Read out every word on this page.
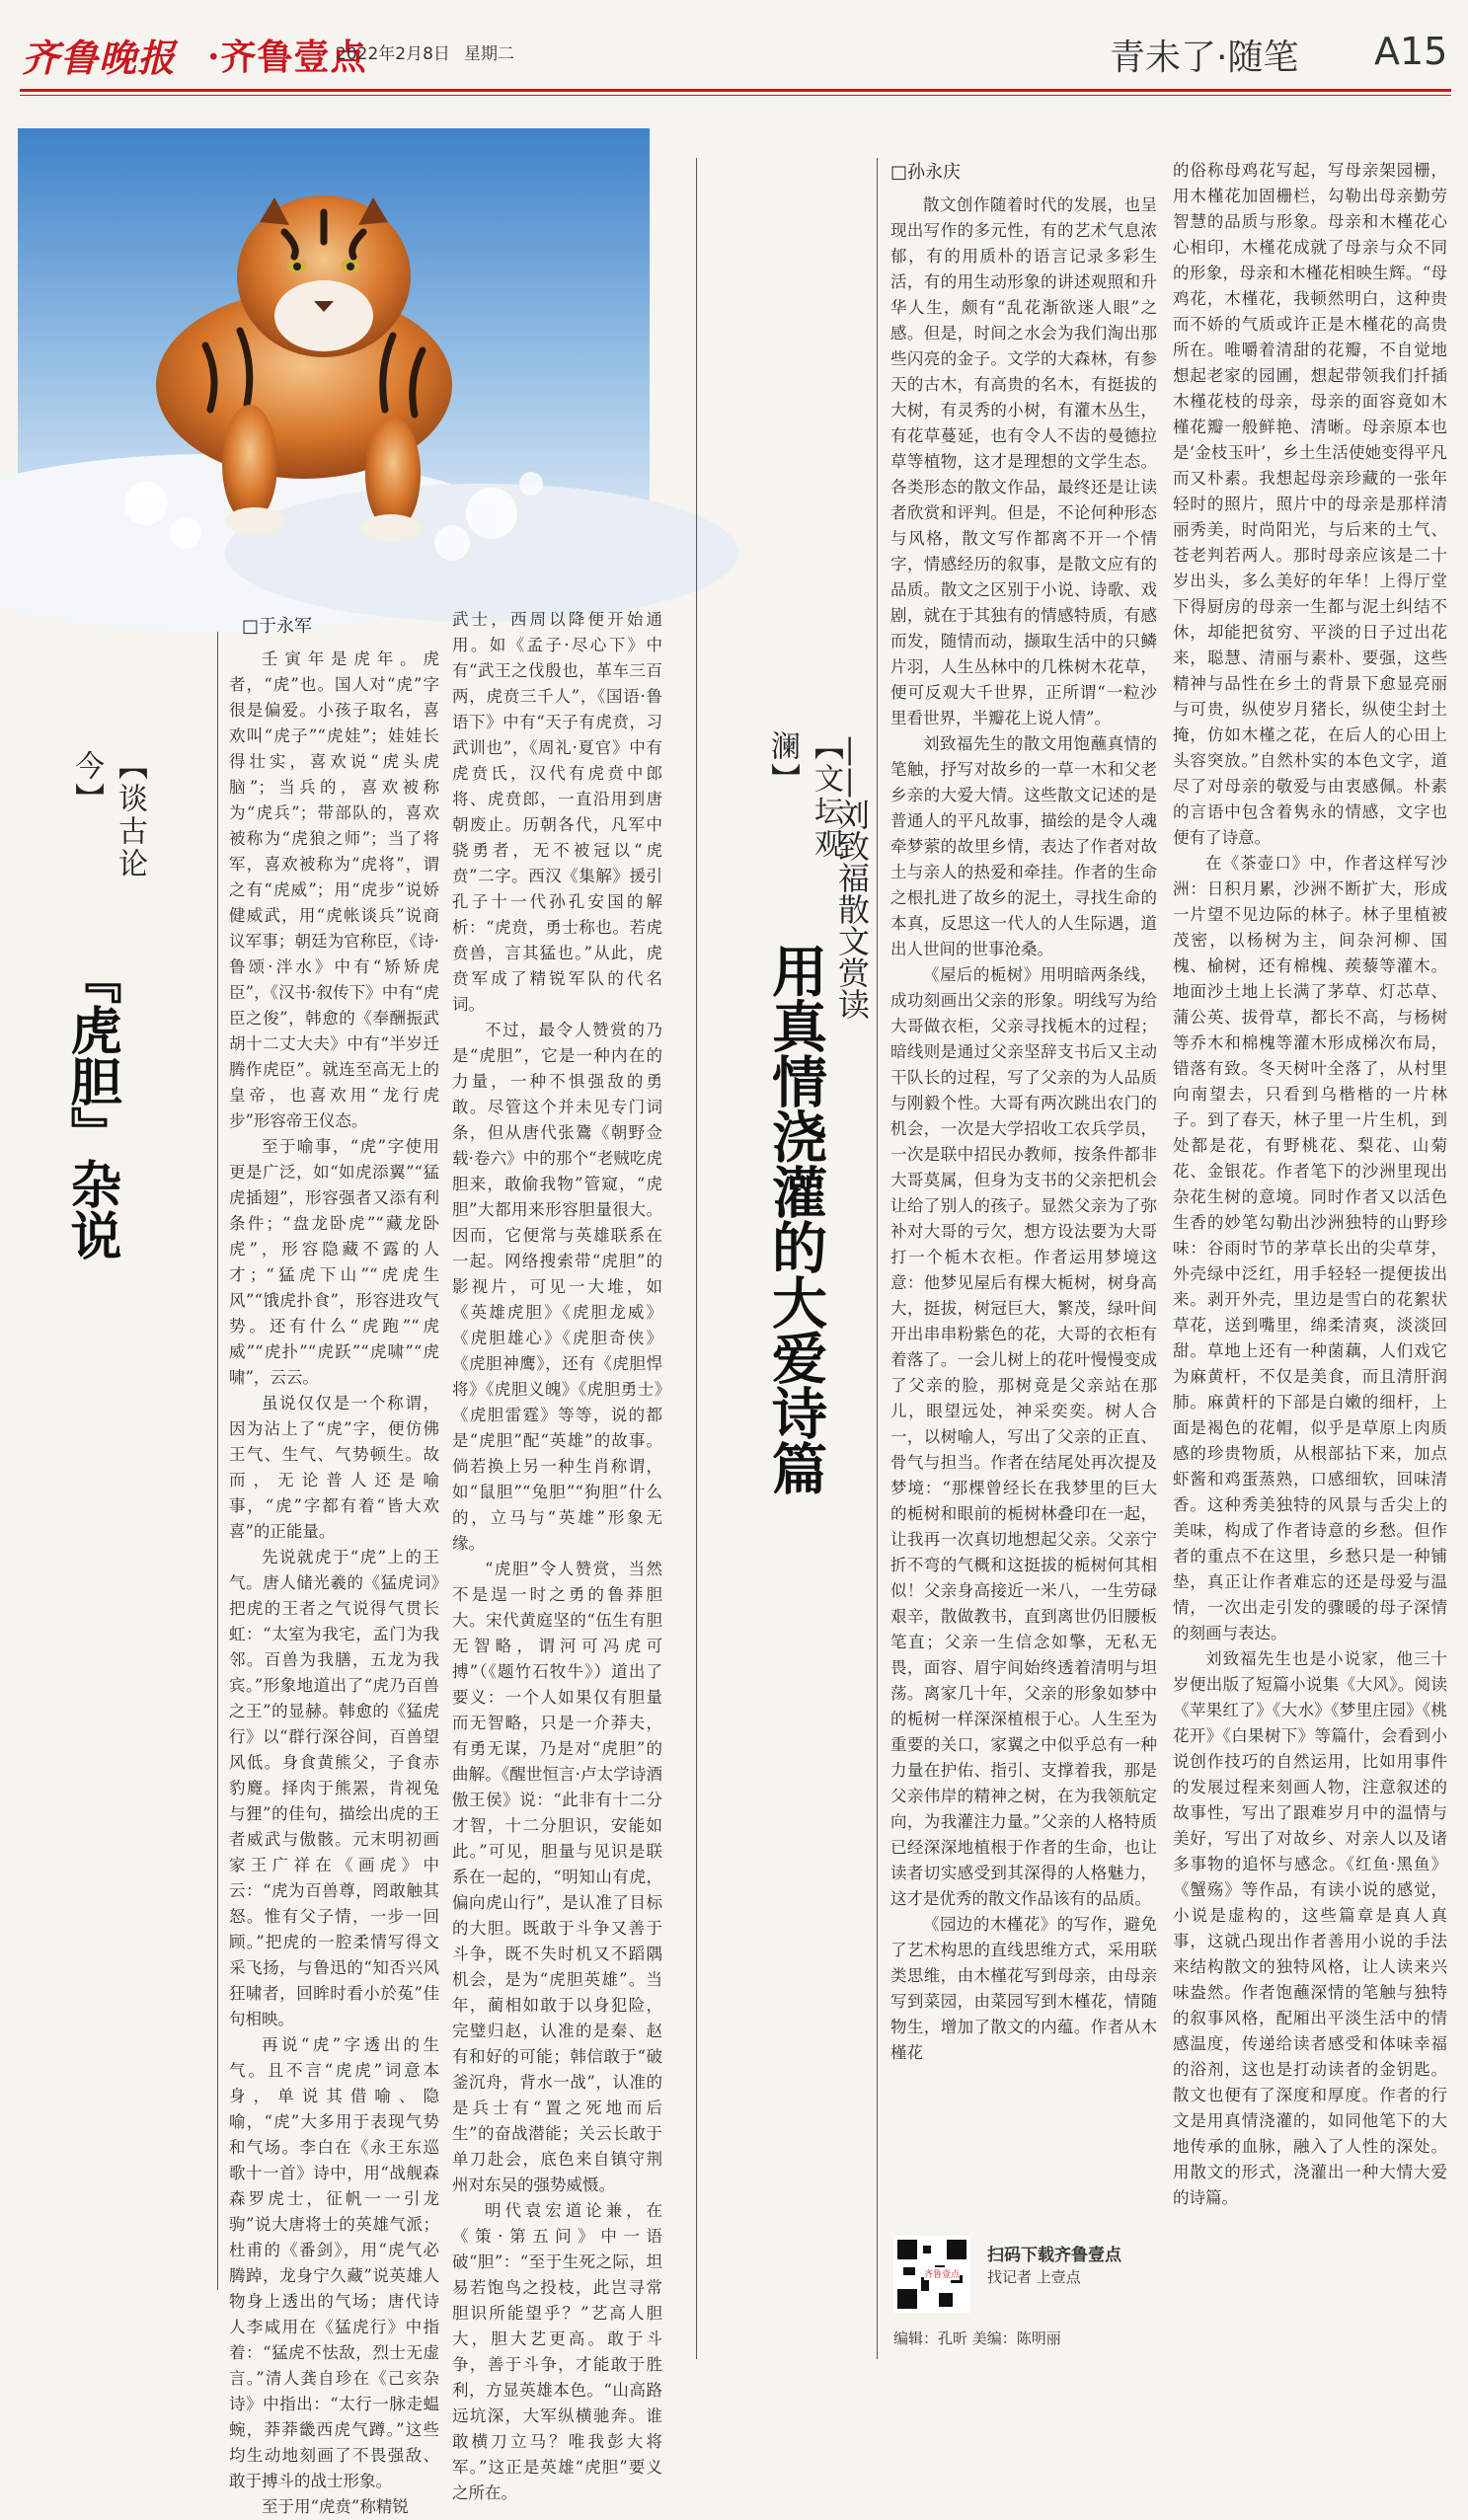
齐鲁晚报 ·齐鲁壹点
2022年2月8日 星期二	青未了·随笔 A15
【谈古论今】
『虎胆』杂说
□于永军

壬寅年是虎年。虎者，“虎”也。国人对“虎”字很是偏爱。小孩子取名，喜欢叫“虎子”“虎娃”；娃娃长得壮实，喜欢说“虎头虎脑”；当兵的，喜欢被称为“虎兵”；带部队的，喜欢被称为“虎狼之师”；当了将军，喜欢被称为“虎将”，谓之有“虎威”；用“虎步”说娇健威武，用“虎帐谈兵”说商议军事；朝廷为官称臣，《诗·鲁颂·泮水》中有“矫矫虎臣”，《汉书·叙传下》中有“虎臣之俊”，韩愈的《奉酬振武胡十二丈大夫》中有“半岁迁腾作虎臣”。就连至高无上的皇帝，也喜欢用“龙行虎步”形容帝王仪态。

至于喻事，“虎”字使用更是广泛，如“如虎添翼”“猛虎插翅”，形容强者又添有利条件；“盘龙卧虎”“藏龙卧虎”，形容隐藏不露的人才；“猛虎下山”“虎虎生风”“饿虎扑食”，形容进攻气势。还有什么“虎跑”“虎威”“虎扑”“虎跃”“虎啸”“虎啸”，云云。

虽说仅仅是一个称谓，因为沾上了“虎”字，便仿佛王气、生气、气势顿生。故而，无论普人还是喻事，“虎”字都有着“皆大欢喜”的正能量。

先说就虎于“虎”上的王气。唐人储光羲的《猛虎词》把虎的王者之气说得气贯长虹：“太室为我宅，孟门为我邻。百兽为我膳，五龙为我宾。”形象地道出了“虎乃百兽之王”的显赫。韩愈的《猛虎行》以“群行深谷间，百兽望风低。身食黄熊父，子食赤豹麑。择肉于熊罴，肯视兔与狸”的佳句，描绘出虎的王者威武与傲骸。元末明初画家王广祥在《画虎》中云：“虎为百兽尊，罔敢触其怒。惟有父子情，一步一回顾。”把虎的一腔柔情写得文采飞扬，与鲁迅的“知否兴风狂啸者，回眸时看小於菟”佳句相映。

再说“虎”字透出的生气。且不言“虎虎”词意本身，单说其借喻、隐喻，“虎”大多用于表现气势和气场。李白在《永王东巡歌十一首》诗中，用“战舰森森罗虎士，征帆一一引龙驹”说大唐将士的英雄气派；杜甫的《番剑》，用“虎气必腾踔，龙身宁久藏”说英雄人物身上透出的气场；唐代诗人李咸用在《猛虎行》中指着：“猛虎不怯敌，烈士无虚言。”清人龚自珍在《己亥杂诗》中指出：“太行一脉走蝹蜿，莽莽畿西虎气蹲。”这些均生动地刻画了不畏强敌、敢于搏斗的战士形象。

至于用“虎贲”称精锐

武士，西周以降便开始通用。如《孟子·尽心下》中有“武王之伐殷也，革车三百两，虎贲三千人”，《国语·鲁语下》中有“天子有虎贲，习武训也”，《周礼·夏官》中有虎贲氏，汉代有虎贲中郎将、虎贲郎，一直沿用到唐朝废止。历朝各代，凡军中骁勇者，无不被冠以“虎贲”二字。西汉《集解》援引孔子十一代孙孔安国的解析：“虎贲，勇士称也。若虎贲兽，言其猛也。”从此，虎贲军成了精锐军队的代名词。

不过，最令人赞赏的乃是“虎胆”，它是一种内在的力量，一种不惧强敌的勇敢。尽管这个并未见专门词条，但从唐代张鷟《朝野佥载·卷六》中的那个“老贼吃虎胆来，敢偷我物”管窥，“虎胆”大都用来形容胆量很大。因而，它便常与英雄联系在一起。网络搜索带“虎胆”的影视片，可见一大堆，如《英雄虎胆》《虎胆龙威》《虎胆雄心》《虎胆奇侠》《虎胆神鹰》，还有《虎胆悍将》《虎胆义魄》《虎胆勇士》《虎胆雷霆》等等，说的都是“虎胆”配“英雄”的故事。倘若换上另一种生肖称谓，如“鼠胆”“兔胆”“狗胆”什么的，立马与“英雄”形象无缘。

“虎胆”令人赞赏，当然不是逞一时之勇的鲁莽胆大。宋代黄庭坚的“伍生有胆无智略，谓河可冯虎可搏”（《题竹石牧牛》）道出了要义：一个人如果仅有胆量而无智略，只是一介莽夫，有勇无谋，乃是对“虎胆”的曲解。《醒世恒言·卢太学诗酒傲王侯》说：“此非有十二分才智，十二分胆识，安能如此。”可见，胆量与见识是联系在一起的，“明知山有虎，偏向虎山行”，是认准了目标的大胆。既敢于斗争又善于斗争，既不失时机又不蹈隅机会，是为“虎胆英雄”。当年，蔺相如敢于以身犯险，完璧归赵，认准的是秦、赵有和好的可能；韩信敢于“破釜沉舟，背水一战”，认准的是兵士有“置之死地而后生”的奋战潜能；关云长敢于单刀赴会，底色来自镇守荆州对东吴的强势威慑。

明代袁宏道论兼，在《策·第五问》中一语破“胆”：“至于生死之际，坦易若饱鸟之投枝，此岂寻常胆识所能望乎？”艺高人胆大，胆大艺更高。敢于斗争，善于斗争，才能敢于胜利，方显英雄本色。“山高路远坑深，大军纵横驰奔。谁敢横刀立马？唯我彭大将军。”这正是英雄“虎胆”要义之所在。

【文坛观澜】
用真情浇灌的大爱诗篇
——刘致福散文赏读
□孙永庆

散文创作随着时代的发展，也呈现出写作的多元性，有的艺术气息浓郁，有的用质朴的语言记录多彩生活，有的用生动形象的讲述观照和升华人生，颇有“乱花渐欲迷人眼”之感。但是，时间之水会为我们淘出那些闪亮的金子。文学的大森林，有参天的古木，有高贵的名木，有挺拔的大树，有灵秀的小树，有灌木丛生，有花草蔓延，也有令人不齿的曼德拉草等植物，这才是理想的文学生态。各类形态的散文作品，最终还是让读者欣赏和评判。但是，不论何种形态与风格，散文写作都离不开一个情字，情感经历的叙事，是散文应有的品质。散文之区别于小说、诗歌、戏剧，就在于其独有的情感特质，有感而发，随情而动，撷取生活中的只鳞片羽，人生丛林中的几株树木花草，便可反观大千世界，正所谓“一粒沙里看世界，半瓣花上说人情”。

刘致福先生的散文用饱蘸真情的笔触，抒写对故乡的一草一木和父老乡亲的大爱大情。这些散文记述的是普通人的平凡故事，描绘的是令人魂牵梦萦的故里乡情，表达了作者对故土与亲人的热爱和牵挂。作者的生命之根扎进了故乡的泥土，寻找生命的本真，反思这一代人的人生际遇，道出人世间的世事沧桑。

《屋后的栀树》用明暗两条线，成功刻画出父亲的形象。明线写为给大哥做衣柜，父亲寻找栀木的过程；暗线则是通过父亲坚辞支书后又主动干队长的过程，写了父亲的为人品质与刚毅个性。大哥有两次跳出农门的机会，一次是大学招收工农兵学员，一次是联中招民办教师，按条件都非大哥莫属，但身为支书的父亲把机会让给了别人的孩子。显然父亲为了弥补对大哥的亏欠，想方设法要为大哥打一个栀木衣柜。作者运用梦境这意：他梦见屋后有棵大栀树，树身高大，挺拔，树冠巨大，繁茂，绿叶间开出串串粉紫色的花，大哥的衣柜有着落了。一会儿树上的花叶慢慢变成了父亲的脸，那树竟是父亲站在那儿，眼望远处，神采奕奕。树人合一，以树喻人，写出了父亲的正直、骨气与担当。作者在结尾处再次提及梦境：“那棵曾经长在我梦里的巨大的栀树和眼前的栀树林叠印在一起，让我再一次真切地想起父亲。父亲宁折不弯的气概和这挺拔的栀树何其相似！父亲身高接近一米八，一生劳碌艰辛，散做教书，直到离世仍旧腰板笔直；父亲一生信念如擎，无私无畏，面容、眉宇间始终透着清明与坦荡。离家几十年，父亲的形象如梦中的栀树一样深深植根于心。人生至为重要的关口，家翼之中似乎总有一种力量在护佑、指引、支撑着我，那是父亲伟岸的精神之树，在为我领航定向，为我灌注力量。”父亲的人格特质已经深深地植根于作者的生命，也让读者切实感受到其深得的人格魅力，这才是优秀的散文作品该有的品质。

《园边的木槿花》的写作，避免了艺术构思的直线思维方式，采用联类思维，由木槿花写到母亲，由母亲写到菜园，由菜园写到木槿花，情随物生，增加了散文的内蕴。作者从木槿花

的俗称母鸡花写起，写母亲架园栅，用木槿花加固栅栏，勾勒出母亲勤劳智慧的品质与形象。母亲和木槿花心心相印，木槿花成就了母亲与众不同的形象，母亲和木槿花相映生辉。“母鸡花，木槿花，我顿然明白，这种贵而不娇的气质或许正是木槿花的高贵所在。唯嚼着清甜的花瓣，不自觉地想起老家的园圃，想起带领我们扦插木槿花枝的母亲，母亲的面容竟如木槿花瓣一般鲜艳、清晰。母亲原本也是‘金枝玉叶’，乡土生活使她变得平凡而又朴素。我想起母亲珍藏的一张年轻时的照片，照片中的母亲是那样清丽秀美，时尚阳光，与后来的土气、苍老判若两人。那时母亲应该是二十岁出头，多么美好的年华！上得厅堂下得厨房的母亲一生都与泥土纠结不休，却能把贫穷、平淡的日子过出花来，聪慧、清丽与素朴、要强，这些精神与品性在乡土的背景下愈显亮丽与可贵，纵使岁月猪长，纵使尘封土掩，仿如木槿之花，在后人的心田上头容突放。”自然朴实的本色文字，道尽了对母亲的敬爱与由衷感佩。朴素的言语中包含着隽永的情感，文字也便有了诗意。

在《茶壶口》中，作者这样写沙洲：日积月累，沙洲不断扩大，形成一片望不见边际的林子。林子里植被茂密，以杨树为主，间杂河柳、国槐、榆树，还有棉槐、蒺藜等灌木。地面沙土地上长满了茅草、灯芯草、蒲公英、拔骨草，都长不高，与杨树等乔木和棉槐等灌木形成梯次布局，错落有致。冬天树叶全落了，从村里向南望去，只看到乌楷楷的一片林子。到了春天，林子里一片生机，到处都是花，有野桃花、梨花、山菊花、金银花。作者笔下的沙洲里现出杂花生树的意境。同时作者又以活色生香的妙笔勾勒出沙洲独特的山野珍味：谷雨时节的茅草长出的尖草芽，外壳绿中泛红，用手轻轻一提便拔出来。剥开外壳，里边是雪白的花絮状草花，送到嘴里，绵柔清爽，淡淡回甜。草地上还有一种菌藕，人们戏它为麻黄杆，不仅是美食，而且清肝润肺。麻黄杆的下部是白嫩的细杆，上面是褐色的花帽，似乎是草原上肉质感的珍贵物质，从根部拈下来，加点虾酱和鸡蛋蒸熟，口感细软，回味清香。这种秀美独特的风景与舌尖上的美味，构成了作者诗意的乡愁。但作者的重点不在这里，乡愁只是一种铺垫，真正让作者难忘的还是母爱与温情，一次出走引发的骤暖的母子深情的刻画与表达。

刘致福先生也是小说家，他三十岁便出版了短篇小说集《大风》。阅读《苹果红了》《大水》《梦里庄园》《桃花开》《白果树下》等篇什，会看到小说创作技巧的自然运用，比如用事件的发展过程来刻画人物，注意叙述的故事性，写出了跟难岁月中的温情与美好，写出了对故乡、对亲人以及诸多事物的追怀与感念。《红鱼·黑鱼》《蟹殇》等作品，有读小说的感觉，小说是虚构的，这些篇章是真人真事，这就凸现出作者善用小说的手法来结构散文的独特风格，让人读来兴味盎然。作者饱蘸深情的笔触与独特的叙事风格，配厢出平淡生活中的情感温度，传递给读者感受和体味幸福的浴剂，这也是打动读者的金钥匙。散文也便有了深度和厚度。作者的行文是用真情浇灌的，如同他笔下的大地传承的血脉，融入了人性的深处。用散文的形式，浇灌出一种大情大爱的诗篇。

齐鲁壹点
扫码下载齐鲁壹点
找记者 上壹点
编辑：孔昕 美编：陈明丽
